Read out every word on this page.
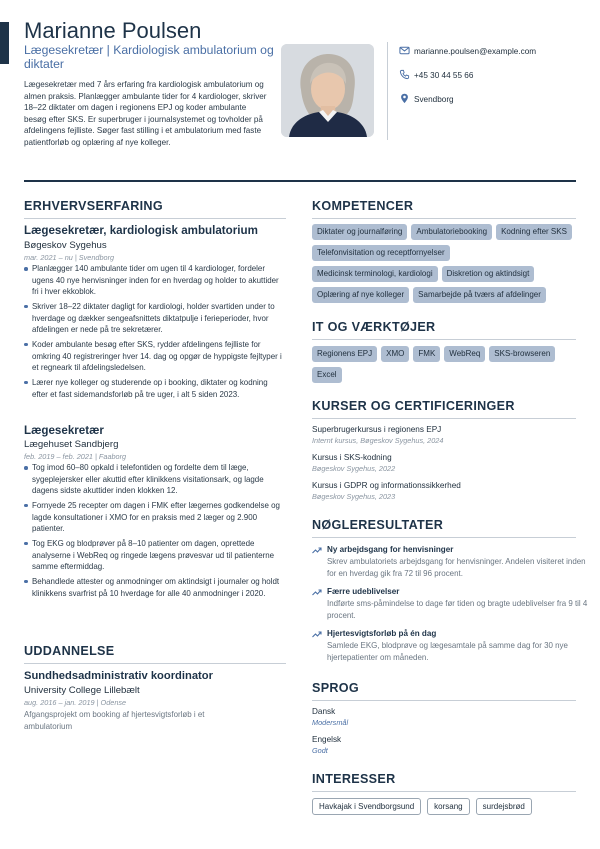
Marianne Poulsen
Lægesekretær | Kardiologisk ambulatorium og diktater
Lægesekretær med 7 års erfaring fra kardiologisk ambulatorium og almen praksis. Planlægger ambulante tider for 4 kardiologer, skriver 18–22 diktater om dagen i regionens EPJ og koder ambulante besøg efter SKS. Er superbruger i journalsystemet og tovholder på afdelingens fejlliste. Søger fast stilling i et ambulatorium med faste patientforløb og oplæring af nye kolleger.
marianne.poulsen@example.com
+45 30 44 55 66
Svendborg
ERHVERVSERFARING
Lægesekretær, kardiologisk ambulatorium
Bøgeskov Sygehus
mar. 2021 – nu | Svendborg
Planlægger 140 ambulante tider om ugen til 4 kardiologer, fordeler ugens 40 nye henvisninger inden for en hverdag og holder to akuttider fri i hver ekkoblok.
Skriver 18–22 diktater dagligt for kardiologi, holder svartiden under to hverdage og dækker sengeafsnittets diktatpulje i ferieperioder, hvor afdelingen er nede på tre sekretærer.
Koder ambulante besøg efter SKS, rydder afdelingens fejlliste for omkring 40 registreringer hver 14. dag og opgør de hyppigste fejltyper i et regneark til afdelingsledelsen.
Lærer nye kolleger og studerende op i booking, diktater og kodning efter et fast sidemandsforløb på tre uger, i alt 5 siden 2023.
Lægesekretær
Lægehuset Sandbjerg
feb. 2019 – feb. 2021 | Faaborg
Tog imod 60–80 opkald i telefontiden og fordelte dem til læge, sygeplejersker eller akuttid efter klinikkens visitationsark, og lagde dagens sidste akuttider inden klokken 12.
Fornyede 25 recepter om dagen i FMK efter lægernes godkendelse og lagde konsultationer i XMO for en praksis med 2 læger og 2.900 patienter.
Tog EKG og blodprøver på 8–10 patienter om dagen, oprettede analyserne i WebReq og ringede lægens prøvesvar ud til patienterne samme eftermiddag.
Behandlede attester og anmodninger om aktindsigt i journaler og holdt klinikkens svarfrist på 10 hverdage for alle 40 anmodninger i 2020.
UDDANNELSE
Sundhedsadministrativ koordinator
University College Lillebælt
aug. 2016 – jan. 2019 | Odense
Afgangsprojekt om booking af hjertesvigtsforløb i et ambulatorium
KOMPETENCER
Diktater og journalføring	Ambulatoriebooking	Kodning efter SKS
Telefonvisitation og receptfornyelser
Medicinsk terminologi, kardiologi	Diskretion og aktindsigt
Oplæring af nye kolleger	Samarbejde på tværs af afdelinger
IT OG VÆRKTØJER
Regionens EPJ	XMO	FMK	WebReq	SKS-browseren
Excel
KURSER OG CERTIFICERINGER
Superbrugerkursus i regionens EPJ
Internt kursus, Bøgeskov Sygehus, 2024
Kursus i SKS-kodning
Bøgeskov Sygehus, 2022
Kursus i GDPR og informationssikkerhed
Bøgeskov Sygehus, 2023
NØGLERESULTATER
Ny arbejdsgang for henvisninger
Skrev ambulatoriets arbejdsgang for henvisninger. Andelen visiteret inden for en hverdag gik fra 72 til 96 procent.
Færre udeblivelser
Indførte sms-påmindelse to dage før tiden og bragte udeblivelser fra 9 til 4 procent.
Hjertesvigtsforløb på én dag
Samlede EKG, blodprøve og lægesamtale på samme dag for 30 nye hjertepatienter om måneden.
SPROG
Dansk
Modersmål
Engelsk
Godt
INTERESSER
Havkajak i Svendborgsund	korsang	surdejsbrød
